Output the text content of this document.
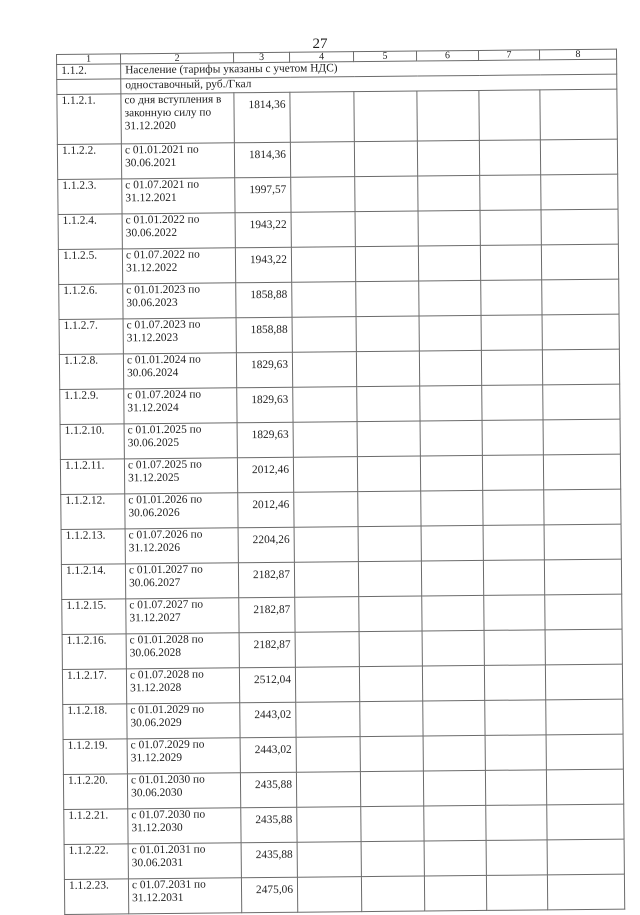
27
1	2	3	4	5	6	7	8
1.1.2.	Население (тарифы указаны с учетом НДС)						
	одноставочный, руб./Гкал						
1.1.2.1.	со дня вступления в законную силу по 31.12.2020	1814,36					
1.1.2.2.	с 01.01.2021 по 30.06.2021	1814,36					
1.1.2.3.	с 01.07.2021 по 31.12.2021	1997,57					
1.1.2.4.	с 01.01.2022 по 30.06.2022	1943,22					
1.1.2.5.	с 01.07.2022 по 31.12.2022	1943,22					
1.1.2.6.	с 01.01.2023 по 30.06.2023	1858,88					
1.1.2.7.	с 01.07.2023 по 31.12.2023	1858,88					
1.1.2.8.	с 01.01.2024 по 30.06.2024	1829,63					
1.1.2.9.	с 01.07.2024 по 31.12.2024	1829,63					
1.1.2.10.	с 01.01.2025 по 30.06.2025	1829,63					
1.1.2.11.	с 01.07.2025 по 31.12.2025	2012,46					
1.1.2.12.	с 01.01.2026 по 30.06.2026	2012,46					
1.1.2.13.	с 01.07.2026 по 31.12.2026	2204,26					
1.1.2.14.	с 01.01.2027 по 30.06.2027	2182,87					
1.1.2.15.	с 01.07.2027 по 31.12.2027	2182,87					
1.1.2.16.	с 01.01.2028 по 30.06.2028	2182,87					
1.1.2.17.	с 01.07.2028 по 31.12.2028	2512,04					
1.1.2.18.	с 01.01.2029 по 30.06.2029	2443,02					
1.1.2.19.	с 01.07.2029 по 31.12.2029	2443,02					
1.1.2.20.	с 01.01.2030 по 30.06.2030	2435,88					
1.1.2.21.	с 01.07.2030 по 31.12.2030	2435,88					
1.1.2.22.	с 01.01.2031 по 30.06.2031	2435,88					
1.1.2.23.	с 01.07.2031 по 31.12.2031	2475,06					
